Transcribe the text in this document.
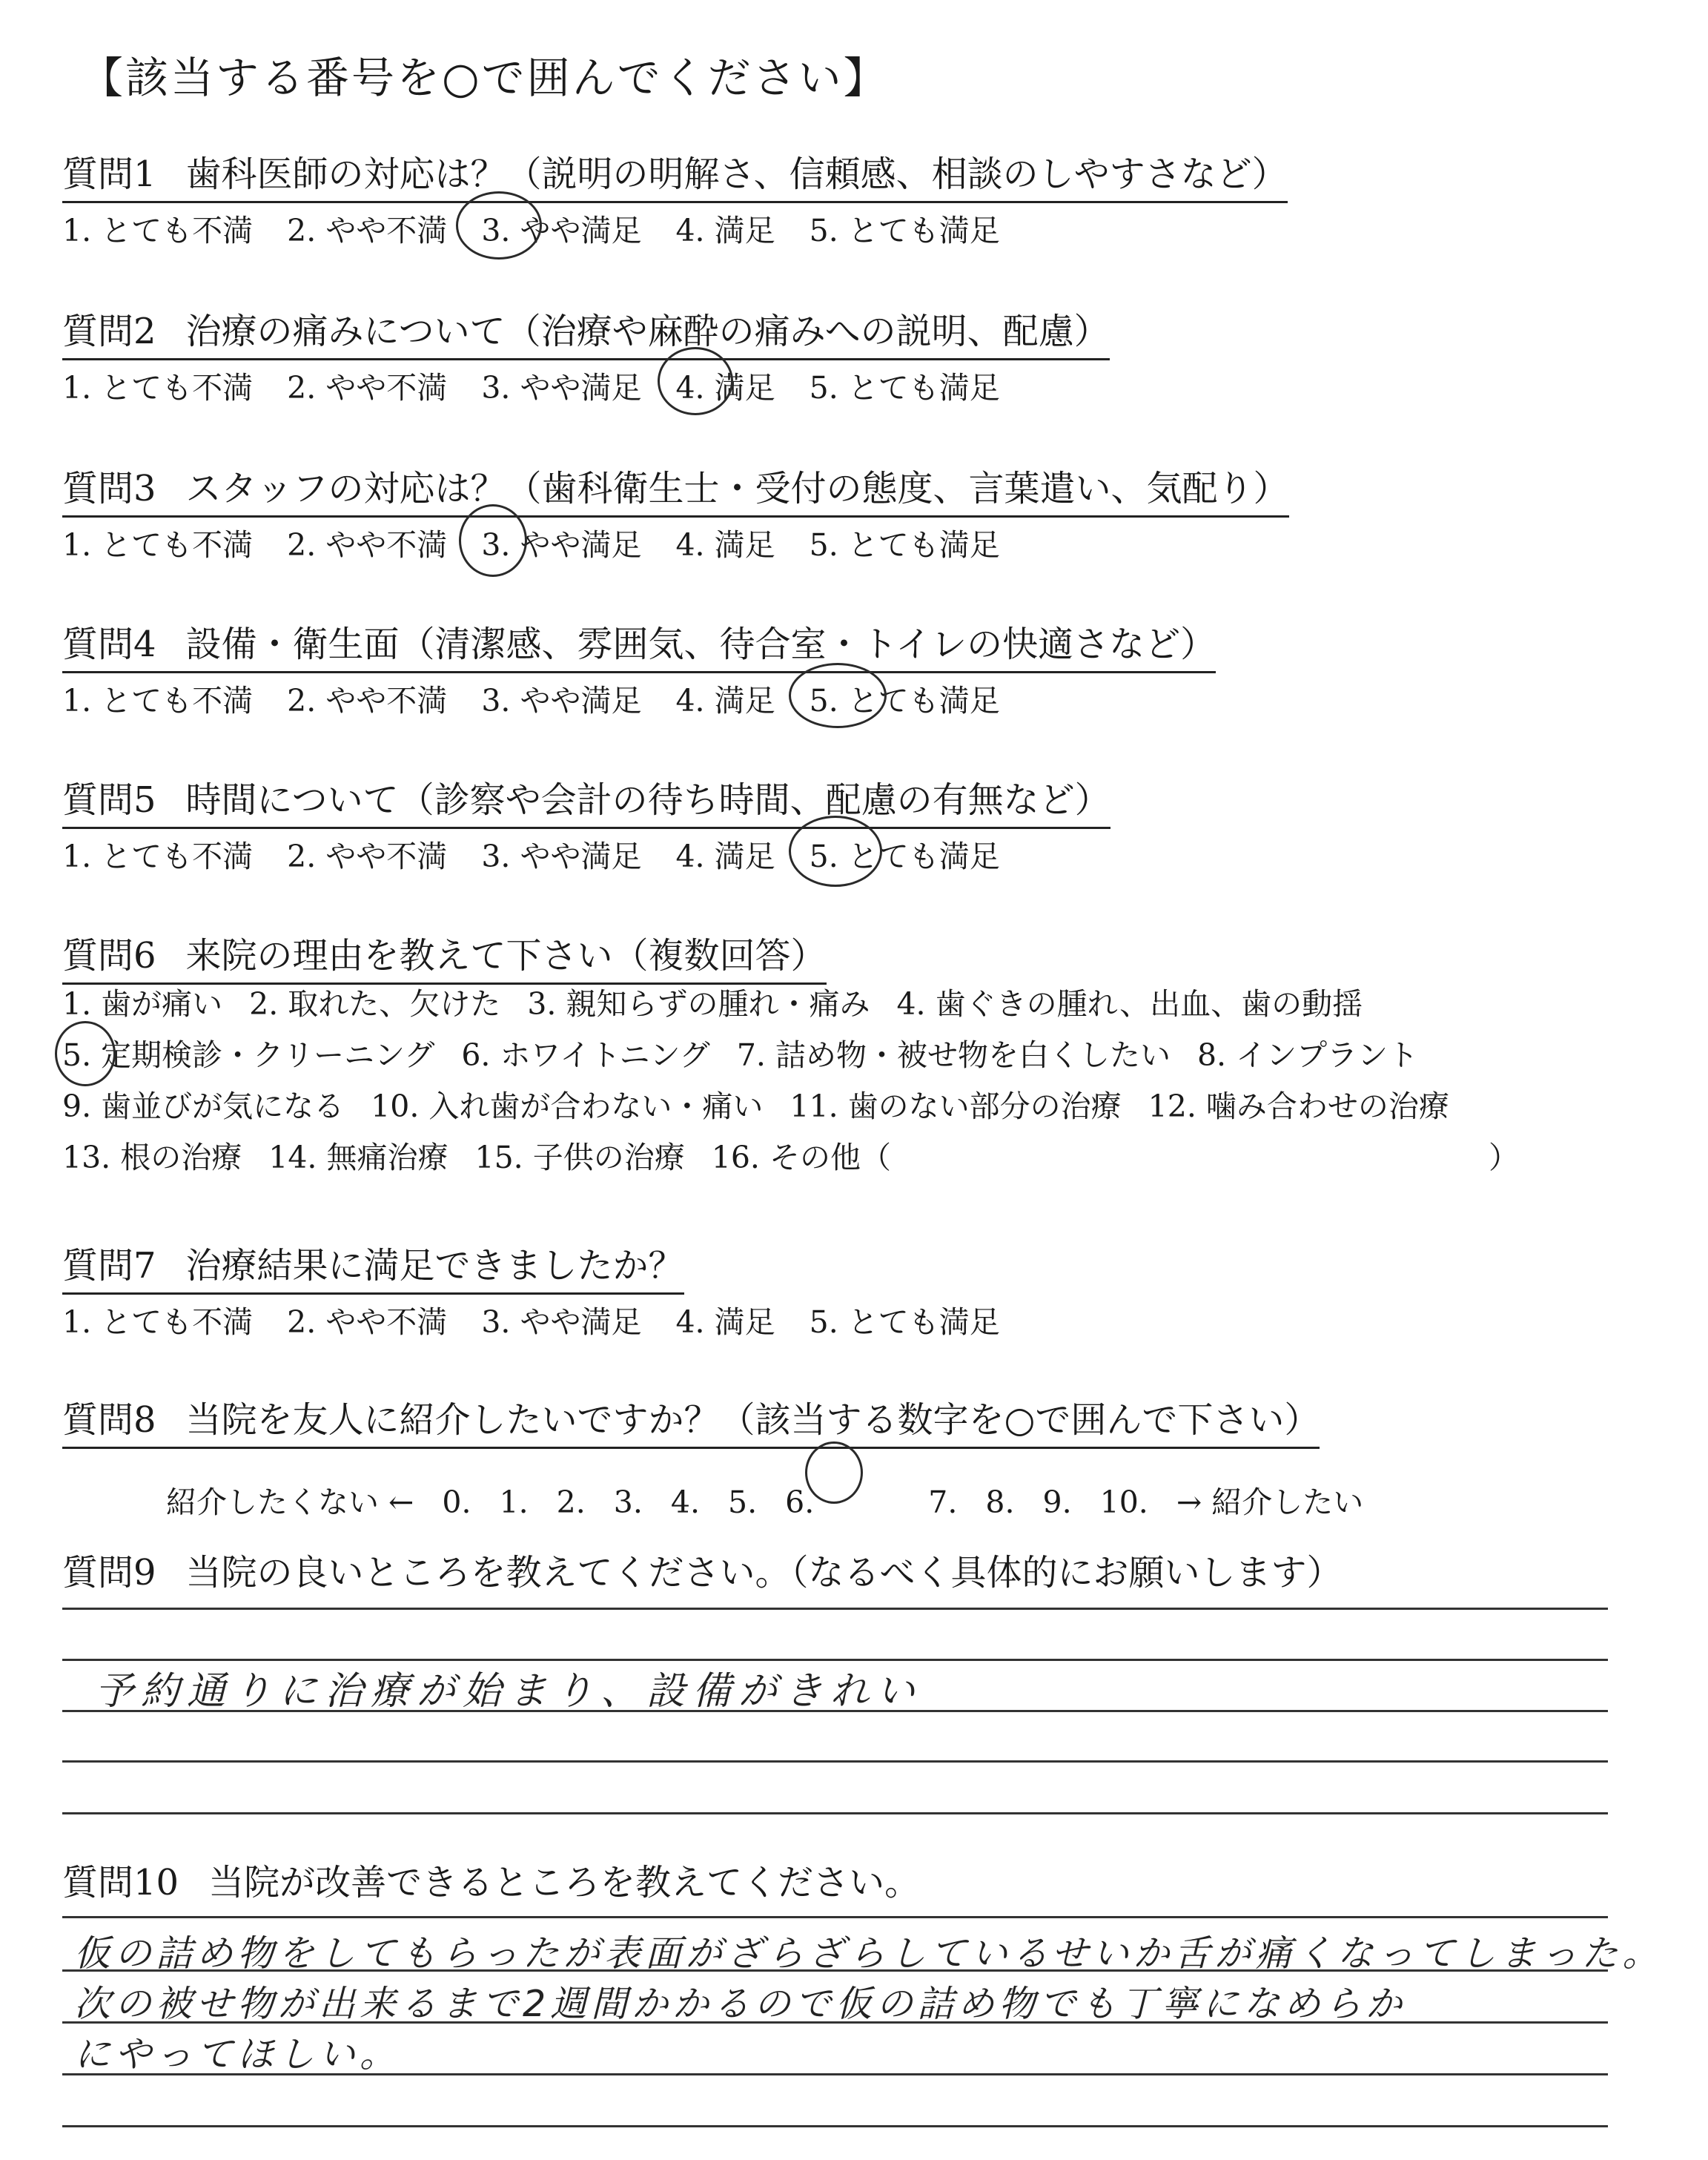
【該当する番号を○で囲んでください】
質問1 歯科医師の対応は？（説明の明解さ、信頼感、相談のしやすさなど）
1. とても不満 2. やや不満 3. やや満足 4. 満足 5. とても満足
質問2 治療の痛みについて（治療や麻酔の痛みへの説明、配慮）
1. とても不満 2. やや不満 3. やや満足 4. 満足 5. とても満足
質問3 スタッフの対応は？（歯科衛生士・受付の態度、言葉遣い、気配り）
1. とても不満 2. やや不満 3. やや満足 4. 満足 5. とても満足
質問4 設備・衛生面（清潔感、雰囲気、待合室・トイレの快適さなど）
1. とても不満 2. やや不満 3. やや満足 4. 満足 5. とても満足
質問5 時間について（診察や会計の待ち時間、配慮の有無など）
1. とても不満 2. やや不満 3. やや満足 4. 満足 5. とても満足
質問6 来院の理由を教えて下さい（複数回答）
1. 歯が痛い 2. 取れた、欠けた 3. 親知らずの腫れ・痛み 4. 歯ぐきの腫れ、出血、歯の動揺
5. 定期検診・クリーニング 6. ホワイトニング 7. 詰め物・被せ物を白くしたい 8. インプラント
9. 歯並びが気になる 10. 入れ歯が合わない・痛い 11. 歯のない部分の治療 12. 噛み合わせの治療
13. 根の治療 14. 無痛治療 15. 子供の治療 16. その他（	）
質問7 治療結果に満足できましたか？
1. とても不満 2. やや不満 3. やや満足 4. 満足 5. とても満足
質問8 当院を友人に紹介したいですか？（該当する数字を○で囲んで下さい）
紹介したくない ← 0. 1. 2. 3. 4. 5. 6.	7. 8. 9. 10. → 紹介したい
質問9 当院の良いところを教えてください。（なるべく具体的にお願いします）
予約通りに治療が始まり、設備がきれい
質問10 当院が改善できるところを教えてください。
仮の詰め物をしてもらったが表面がざらざらしているせいか舌が痛くなってしまった。
次の被せ物が出来るまで2週間かかるので仮の詰め物でも丁寧になめらか
にやってほしい。
